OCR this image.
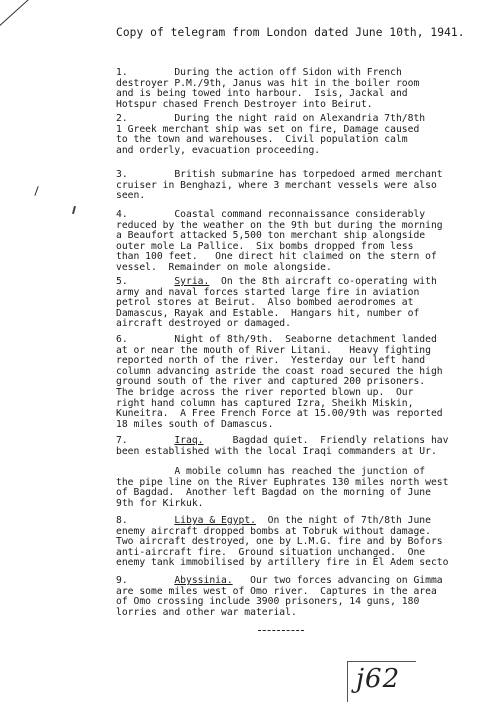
Copy of telegram from London dated June 10th, 1941.
1.        During the action off Sidon with French
destroyer P.M./9th, Janus was hit in the boiler room
and is being towed into harbour.  Isis, Jackal and
Hotspur chased French Destroyer into Beirut.
2.        During the night raid on Alexandria 7th/8th
1 Greek merchant ship was set on fire, Damage caused
to the town and warehouses.  Civil population calm
and orderly, evacuation proceeding.
3.        British submarine has torpedoed armed merchant
cruiser in Benghazi, where 3 merchant vessels were also
seen.
4.        Coastal command reconnaissance considerably
reduced by the weather on the 9th but during the morning
a Beaufort attacked 5,500 ton merchant ship alongside
outer mole La Pallice.  Six bombs dropped from less
than 100 feet.   One direct hit claimed on the stern of
vessel.  Remainder on mole alongside.
5.        Syria.  On the 8th aircraft co-operating with
army and naval forces started large fire in aviation
petrol stores at Beirut.  Also bombed aerodromes at
Damascus, Rayak and Estable.  Hangars hit, number of
aircraft destroyed or damaged.
6.        Night of 8th/9th.  Seaborne detachment landed
at or near the mouth of River Litani.   Heavy fighting
reported north of the river.  Yesterday our left hand
column advancing astride the coast road secured the high
ground south of the river and captured 200 prisoners.
The bridge across the river reported blown up.  Our
right hand column has captured Izra, Sheikh Miskin,
Kuneitra.  A Free French Force at 15.00/9th was reported
18 miles south of Damascus.
7.        Iraq.     Bagdad quiet.  Friendly relations hav
been established with the local Iraqi commanders at Ur.
A mobile column has reached the junction of
the pipe line on the River Euphrates 130 miles north west
of Bagdad.  Another left Bagdad on the morning of June
9th for Kirkuk.
8.        Libya & Egypt.  On the night of 7th/8th June
enemy aircraft dropped bombs at Tobruk without damage.
Two aircraft destroyed, one by L.M.G. fire and by Bofors
anti-aircraft fire.  Ground situation unchanged.  One
enemy tank immobilised by artillery fire in El Adem secto
9.        Abyssinia.   Our two forces advancing on Gimma
are some miles west of Omo river.  Captures in the area
of Omo crossing include 3900 prisoners, 14 guns, 180
lorries and other war material.
j62
